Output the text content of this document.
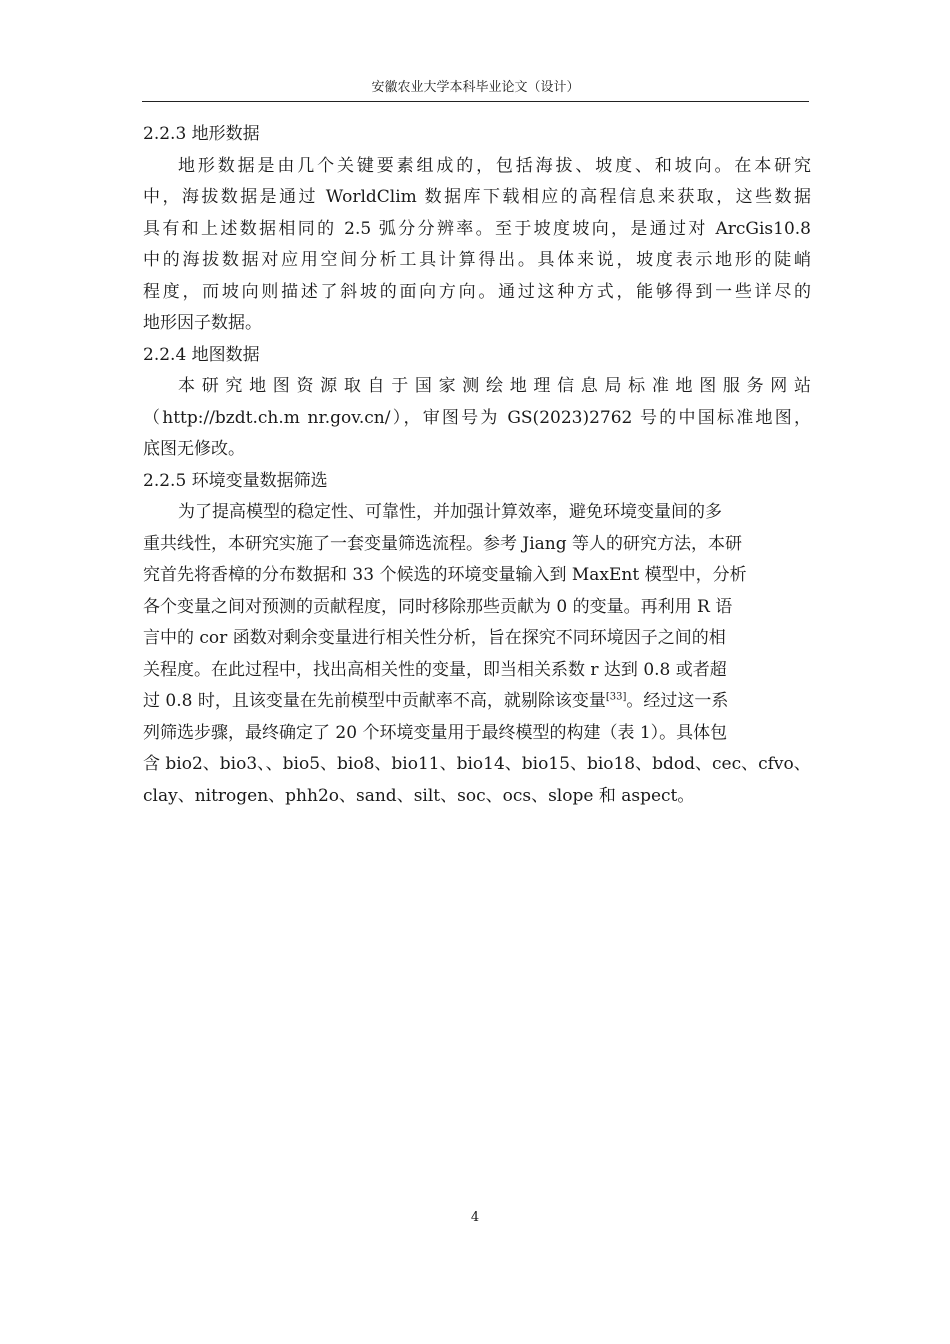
安徽农业大学本科毕业论文（设计）
2.2.3 地形数据
地形数据是由几个关键要素组成的，包括海拔、坡度、和坡向。在本研究
中，海拔数据是通过 WorldClim 数据库下载相应的高程信息来获取，这些数据
具有和上述数据相同的 2.5 弧分分辨率。至于坡度坡向，是通过对 ArcGis10.8
中的海拔数据对应用空间分析工具计算得出。具体来说，坡度表示地形的陡峭
程度，而坡向则描述了斜坡的面向方向。通过这种方式，能够得到一些详尽的
地形因子数据。
2.2.4 地图数据
本研究地图资源取自于国家测绘地理信息局标准地图服务网站
（http://bzdt.ch.m nr.gov.cn/），审图号为 GS(2023)2762 号的中国标准地图，
底图无修改。
2.2.5 环境变量数据筛选
为了提高模型的稳定性、可靠性，并加强计算效率，避免环境变量间的多
重共线性，本研究实施了一套变量筛选流程。参考 Jiang 等人的研究方法，本研
究首先将香樟的分布数据和 33 个候选的环境变量输入到 MaxEnt 模型中，分析
各个变量之间对预测的贡献程度，同时移除那些贡献为 0 的变量。再利用 R 语
言中的 cor 函数对剩余变量进行相关性分析，旨在探究不同环境因子之间的相
关程度。在此过程中，找出高相关性的变量，即当相关系数 r 达到 0.8 或者超
过 0.8 时，且该变量在先前模型中贡献率不高，就剔除该变量[33]。经过这一系
列筛选步骤，最终确定了 20 个环境变量用于最终模型的构建（表 1）。具体包
含 bio2、bio3、、bio5、bio8、bio11、bio14、bio15、bio18、bdod、cec、cfvo、
clay、nitrogen、phh2o、sand、silt、soc、ocs、slope 和 aspect。
4
